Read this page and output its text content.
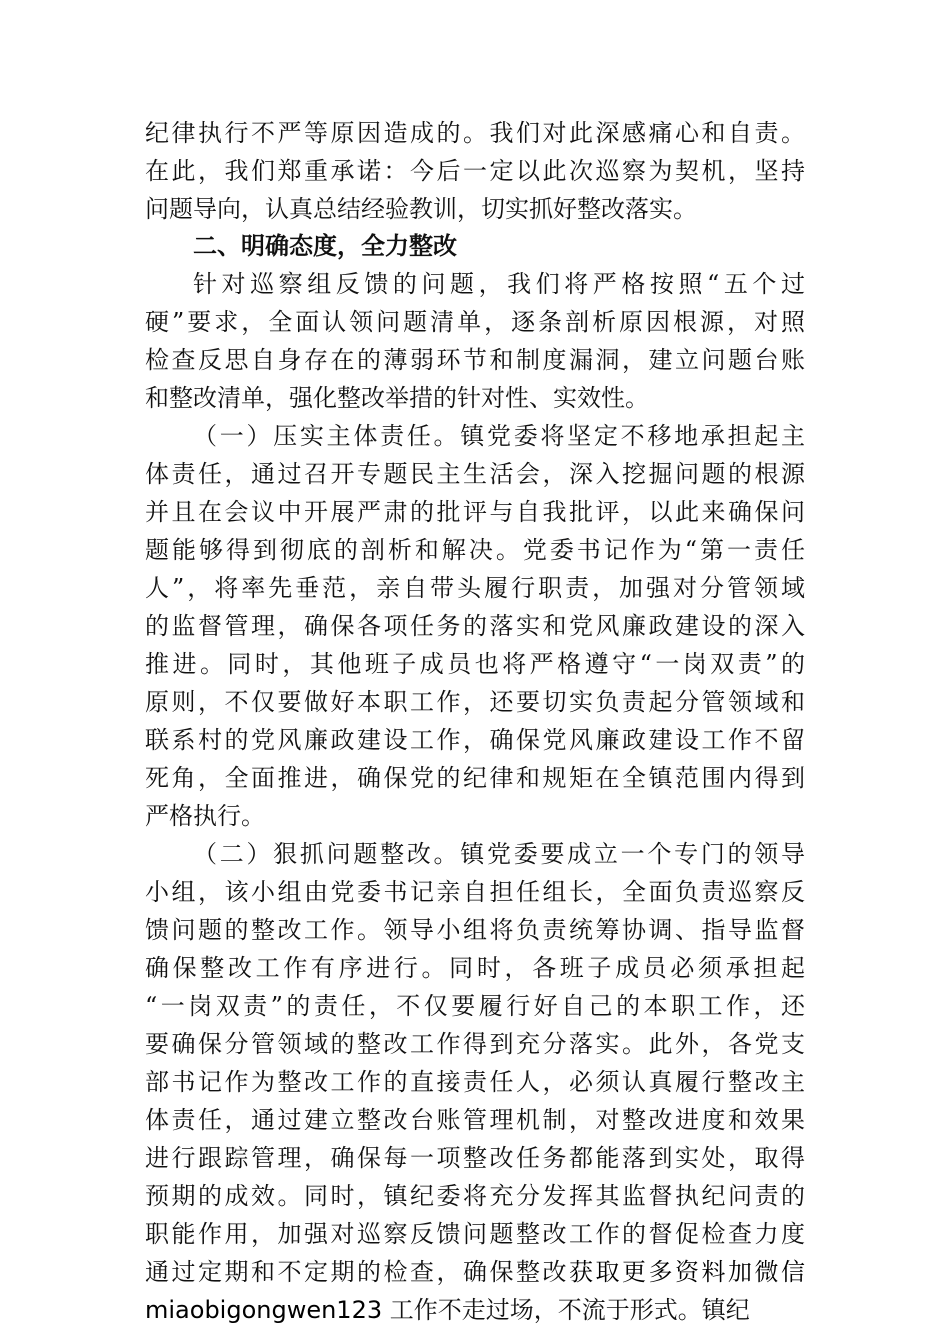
纪律执行不严等原因造成的。我们对此深感痛心和自责。
在此，我们郑重承诺：今后一定以此次巡察为契机，坚持
问题导向，认真总结经验教训，切实抓好整改落实。
二、明确态度，全力整改
针对巡察组反馈的问题，我们将严格按照“五个过
硬”要求，全面认领问题清单，逐条剖析原因根源，对照
检查反思自身存在的薄弱环节和制度漏洞，建立问题台账
和整改清单，强化整改举措的针对性、实效性。
（一）压实主体责任。镇党委将坚定不移地承担起主
体责任，通过召开专题民主生活会，深入挖掘问题的根源
并且在会议中开展严肃的批评与自我批评，以此来确保问
题能够得到彻底的剖析和解决。党委书记作为“第一责任
人”，将率先垂范，亲自带头履行职责，加强对分管领域
的监督管理，确保各项任务的落实和党风廉政建设的深入
推进。同时，其他班子成员也将严格遵守“一岗双责”的
原则，不仅要做好本职工作，还要切实负责起分管领域和
联系村的党风廉政建设工作，确保党风廉政建设工作不留
死角，全面推进，确保党的纪律和规矩在全镇范围内得到
严格执行。
（二）狠抓问题整改。镇党委要成立一个专门的领导
小组，该小组由党委书记亲自担任组长，全面负责巡察反
馈问题的整改工作。领导小组将负责统筹协调、指导监督
确保整改工作有序进行。同时，各班子成员必须承担起
“一岗双责”的责任，不仅要履行好自己的本职工作，还
要确保分管领域的整改工作得到充分落实。此外，各党支
部书记作为整改工作的直接责任人，必须认真履行整改主
体责任，通过建立整改台账管理机制，对整改进度和效果
进行跟踪管理，确保每一项整改任务都能落到实处，取得
预期的成效。同时，镇纪委将充分发挥其监督执纪问责的
职能作用，加强对巡察反馈问题整改工作的督促检查力度
通过定期和不定期的检查，确保整改获取更多资料加微信
miaobigongwen123 工作不走过场，不流于形式。镇纪
